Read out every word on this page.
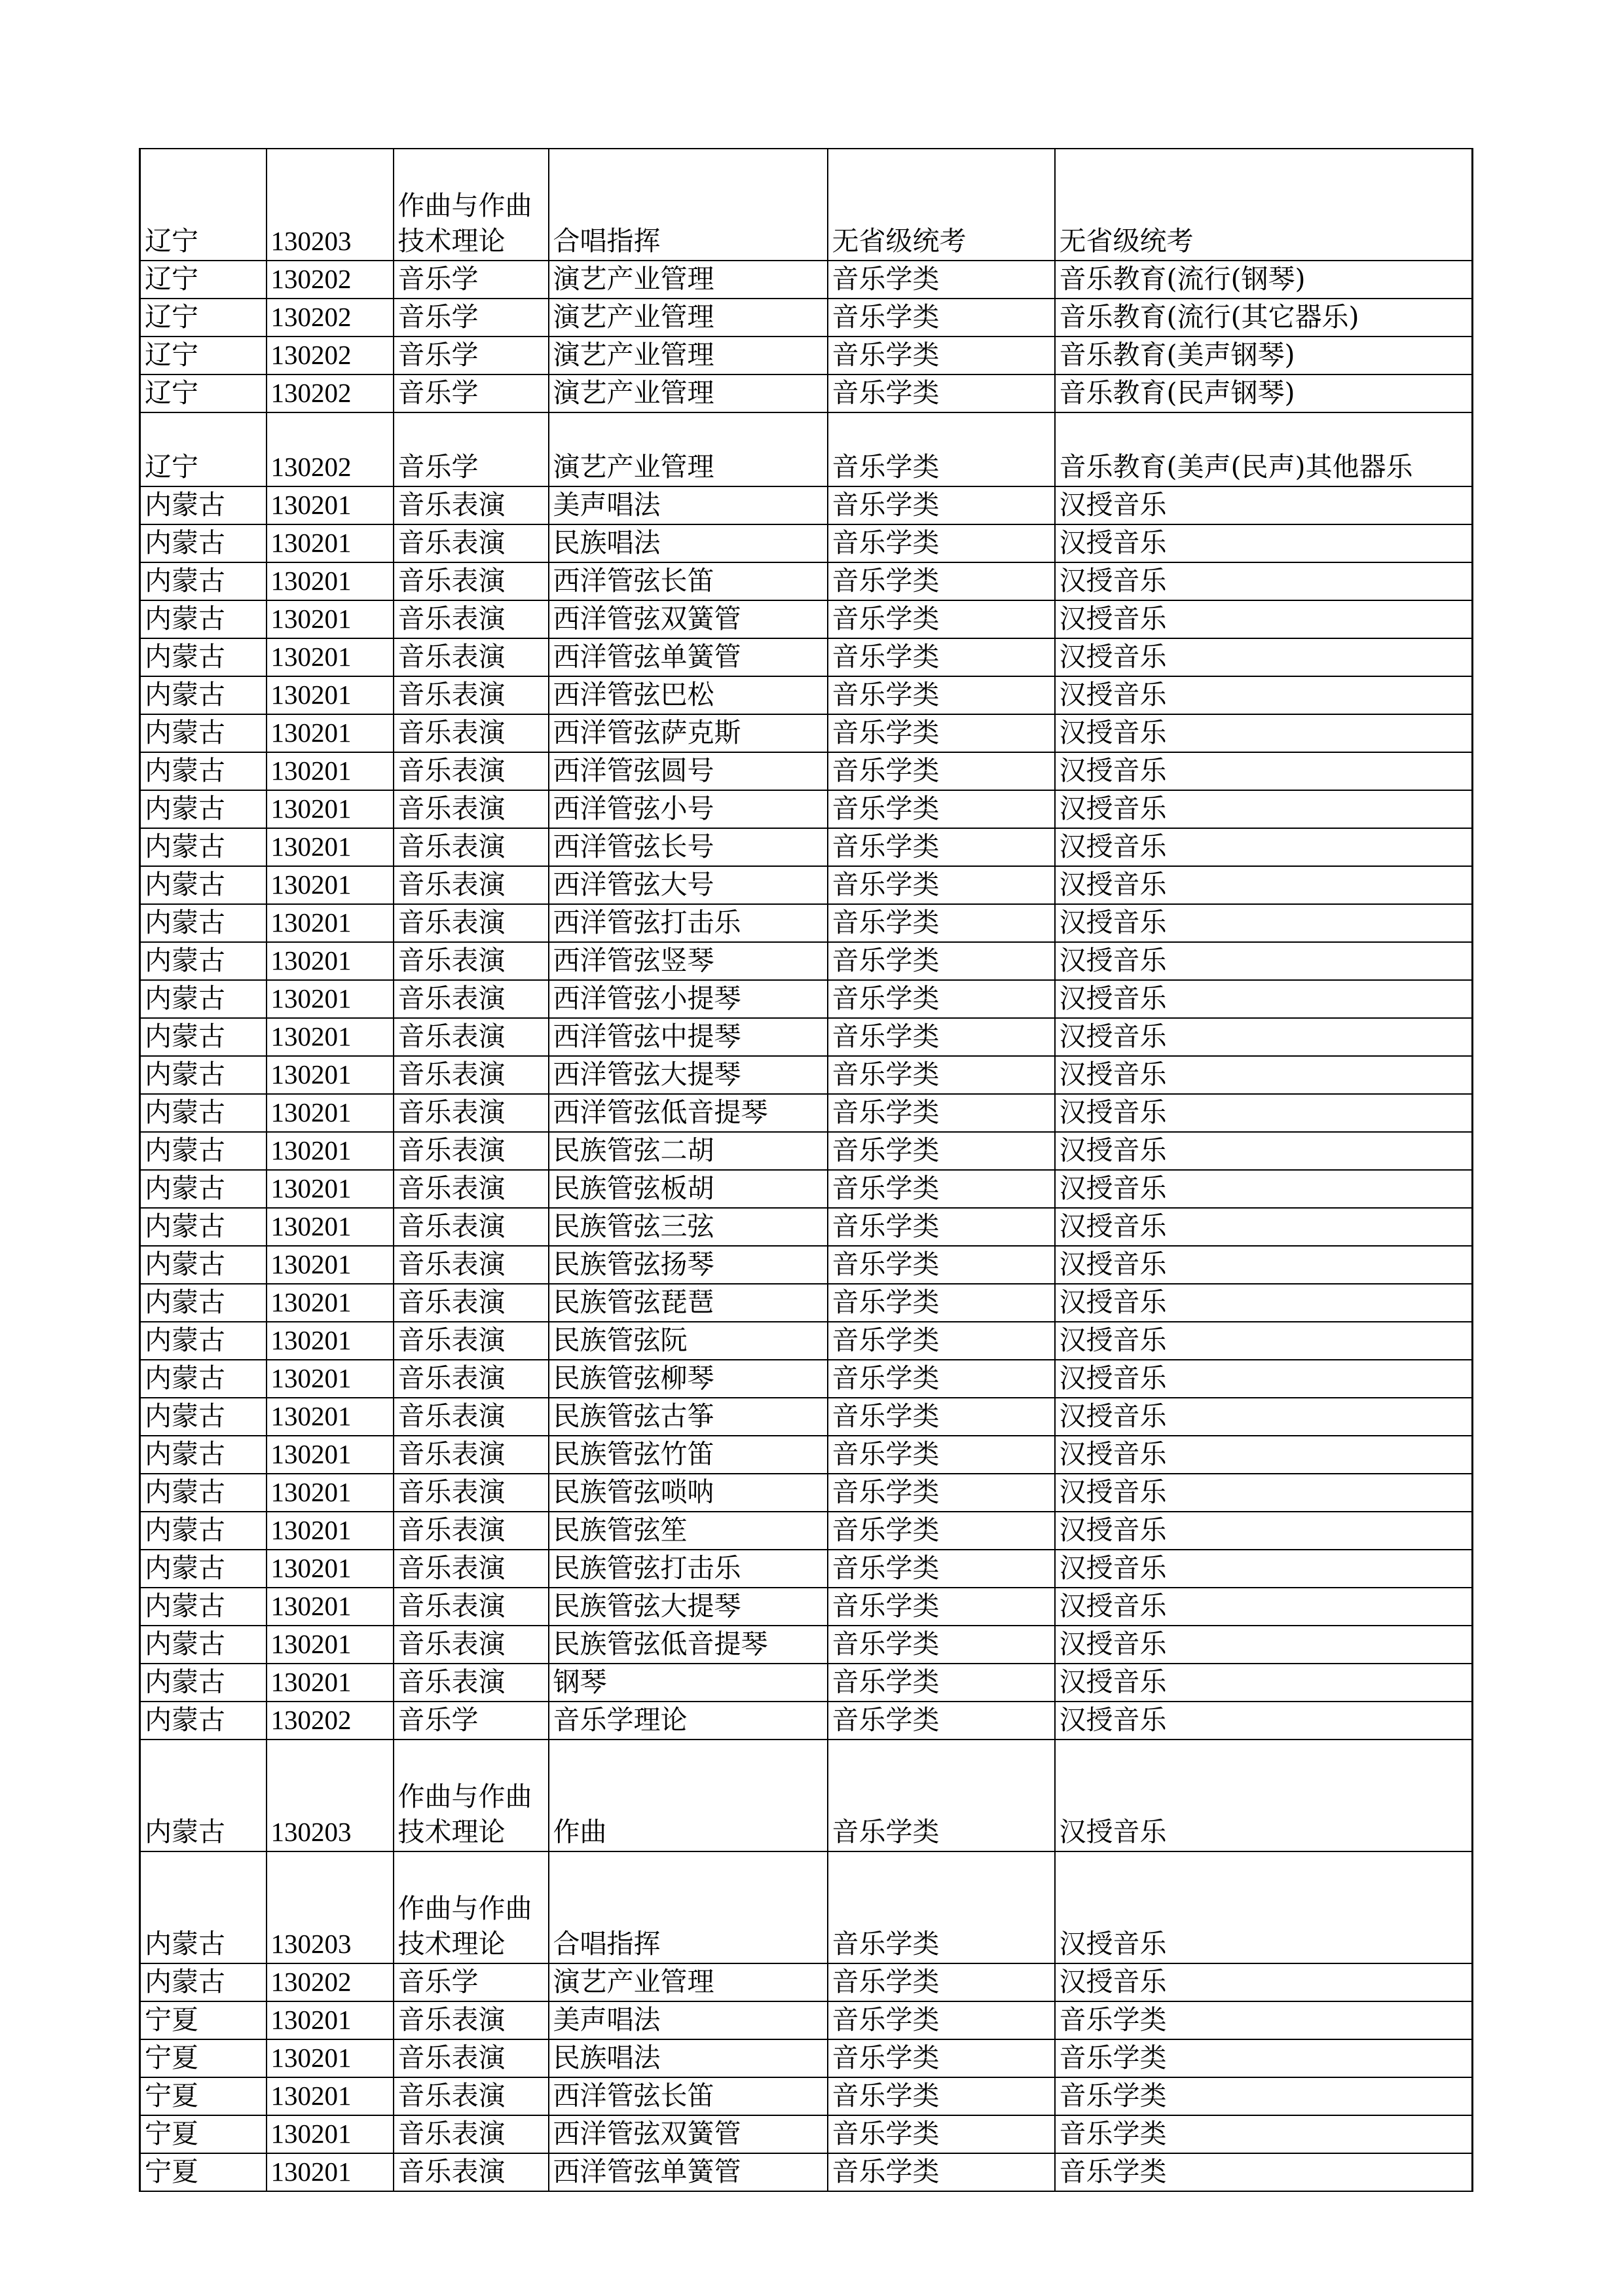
辽宁	130203	作曲与作曲技术理论	合唱指挥	无省级统考	无省级统考
辽宁	130202	音乐学	演艺产业管理	音乐学类	音乐教育(流行(钢琴)
辽宁	130202	音乐学	演艺产业管理	音乐学类	音乐教育(流行(其它器乐)
辽宁	130202	音乐学	演艺产业管理	音乐学类	音乐教育(美声钢琴)
辽宁	130202	音乐学	演艺产业管理	音乐学类	音乐教育(民声钢琴)
辽宁	130202	音乐学	演艺产业管理	音乐学类	音乐教育(美声(民声)其他器乐
内蒙古	130201	音乐表演	美声唱法	音乐学类	汉授音乐
内蒙古	130201	音乐表演	民族唱法	音乐学类	汉授音乐
内蒙古	130201	音乐表演	西洋管弦长笛	音乐学类	汉授音乐
内蒙古	130201	音乐表演	西洋管弦双簧管	音乐学类	汉授音乐
内蒙古	130201	音乐表演	西洋管弦单簧管	音乐学类	汉授音乐
内蒙古	130201	音乐表演	西洋管弦巴松	音乐学类	汉授音乐
内蒙古	130201	音乐表演	西洋管弦萨克斯	音乐学类	汉授音乐
内蒙古	130201	音乐表演	西洋管弦圆号	音乐学类	汉授音乐
内蒙古	130201	音乐表演	西洋管弦小号	音乐学类	汉授音乐
内蒙古	130201	音乐表演	西洋管弦长号	音乐学类	汉授音乐
内蒙古	130201	音乐表演	西洋管弦大号	音乐学类	汉授音乐
内蒙古	130201	音乐表演	西洋管弦打击乐	音乐学类	汉授音乐
内蒙古	130201	音乐表演	西洋管弦竖琴	音乐学类	汉授音乐
内蒙古	130201	音乐表演	西洋管弦小提琴	音乐学类	汉授音乐
内蒙古	130201	音乐表演	西洋管弦中提琴	音乐学类	汉授音乐
内蒙古	130201	音乐表演	西洋管弦大提琴	音乐学类	汉授音乐
内蒙古	130201	音乐表演	西洋管弦低音提琴	音乐学类	汉授音乐
内蒙古	130201	音乐表演	民族管弦二胡	音乐学类	汉授音乐
内蒙古	130201	音乐表演	民族管弦板胡	音乐学类	汉授音乐
内蒙古	130201	音乐表演	民族管弦三弦	音乐学类	汉授音乐
内蒙古	130201	音乐表演	民族管弦扬琴	音乐学类	汉授音乐
内蒙古	130201	音乐表演	民族管弦琵琶	音乐学类	汉授音乐
内蒙古	130201	音乐表演	民族管弦阮	音乐学类	汉授音乐
内蒙古	130201	音乐表演	民族管弦柳琴	音乐学类	汉授音乐
内蒙古	130201	音乐表演	民族管弦古筝	音乐学类	汉授音乐
内蒙古	130201	音乐表演	民族管弦竹笛	音乐学类	汉授音乐
内蒙古	130201	音乐表演	民族管弦唢呐	音乐学类	汉授音乐
内蒙古	130201	音乐表演	民族管弦笙	音乐学类	汉授音乐
内蒙古	130201	音乐表演	民族管弦打击乐	音乐学类	汉授音乐
内蒙古	130201	音乐表演	民族管弦大提琴	音乐学类	汉授音乐
内蒙古	130201	音乐表演	民族管弦低音提琴	音乐学类	汉授音乐
内蒙古	130201	音乐表演	钢琴	音乐学类	汉授音乐
内蒙古	130202	音乐学	音乐学理论	音乐学类	汉授音乐
内蒙古	130203	作曲与作曲技术理论	作曲	音乐学类	汉授音乐
内蒙古	130203	作曲与作曲技术理论	合唱指挥	音乐学类	汉授音乐
内蒙古	130202	音乐学	演艺产业管理	音乐学类	汉授音乐
宁夏	130201	音乐表演	美声唱法	音乐学类	音乐学类
宁夏	130201	音乐表演	民族唱法	音乐学类	音乐学类
宁夏	130201	音乐表演	西洋管弦长笛	音乐学类	音乐学类
宁夏	130201	音乐表演	西洋管弦双簧管	音乐学类	音乐学类
宁夏	130201	音乐表演	西洋管弦单簧管	音乐学类	音乐学类
